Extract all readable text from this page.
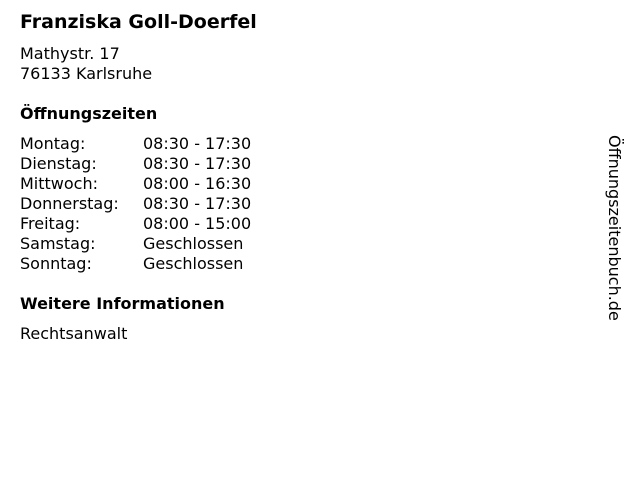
Franziska Goll-Doerfel
Mathystr. 17
76133 Karlsruhe
Öffnungszeiten
Montag:	08:30 - 17:30
Dienstag:	08:30 - 17:30
Mittwoch:	08:00 - 16:30
Donnerstag:	08:30 - 17:30
Freitag:	08:00 - 15:00
Samstag:	Geschlossen
Sonntag:	Geschlossen
Weitere Informationen
Rechtsanwalt
Öffnungszeitenbuch.de
